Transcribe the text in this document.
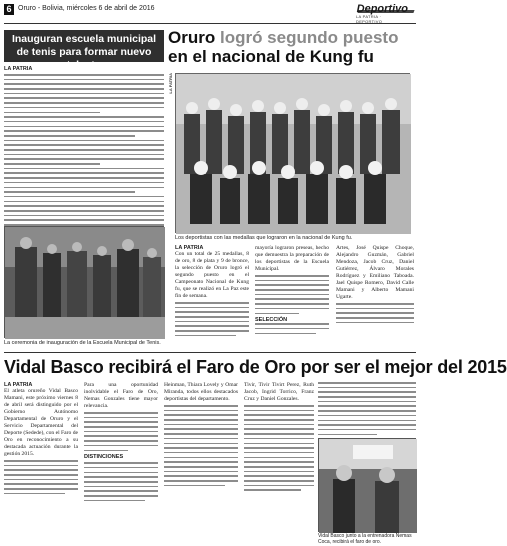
6 Oruro - Bolivia, miércoles 6 de abril de 2016	Deportivo
LA PATRIA · DEPORTIVO
Inauguran escuela municipal de tenis para formar nuevo talento
LA PATRIA
La ceremonia de inauguración de la Escuela Municipal de Tenis.
Oruro logró segundo puesto
en el nacional de Kung fu
LA PATRIA
Los deportistas con las medallas que lograron en la nacional de Kung fu.
LA PATRIA
Con un total de 25 medallas, 8 de oro, 8 de plata y 9 de bronce, la selección de Oruro logró el segundo puesto en el Campeonato Nacional de Kung fu, que se realizó en La Paz este fin de semana.
mayoría lograron preseas, hecho que demuestra la preparación de los deportistas de la Escuela Municipal.
SELECCIÓN
Artes, José Quispe Choque, Alejandro Guzmán, Gabriel Mendoza, Jacob Cruz, Daniel Gutiérrez, Álvaro Morales Rodríguez y Emiliano Taboada. Jael Quispe Romero, David Calle Mamani y Alberto Mamani Ugarte.
Vidal Basco recibirá el Faro de Oro por ser el mejor del 2015
LA PATRIA
El atleta orureño Vidal Basco Mamani, este próximo viernes 8 de abril será distinguido por el Gobierno Autónomo Departamental de Oruro y el Servicio Departamental del Deporte (Sedede), con el Faro de Oro en reconocimiento a su destacada actuación durante la gestión 2015.
Para una oportunidad inolvidable el Faro de Oro, Nemas Gonzales tiene mayor relevancia.
DISTINCIONES
Heinman, Thiara Lovely y Omar Miranda, todos ellos destacados deportistas del departamento.
Tivir, Tivir Tivirt Perez, Ruth Jacob, Ingrid Torrico, Franz Cruz y Daniel Gonzales.
Vidal Basco junto a la entrenadora Nemas Coca, recibirá el faro de oro.
